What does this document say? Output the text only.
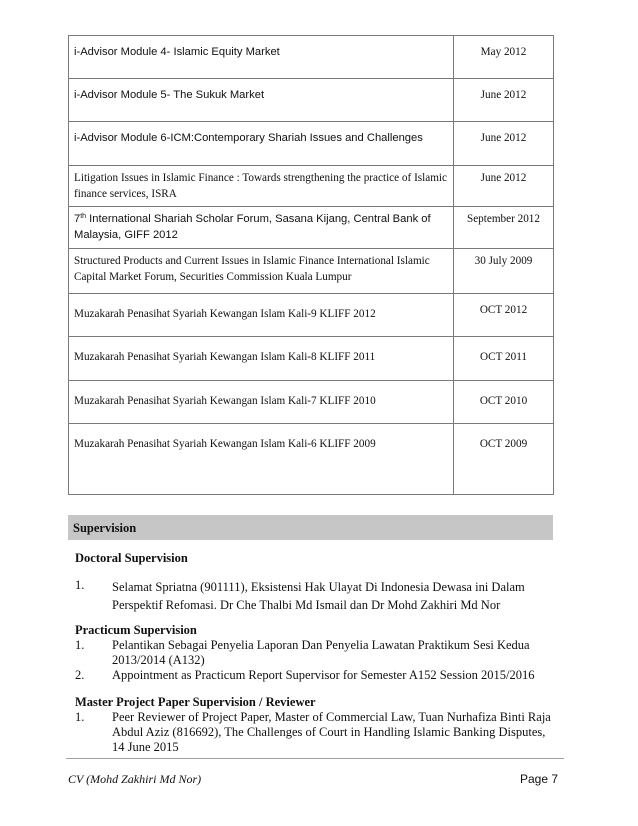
i-Advisor Module 4- Islamic Equity Market	May 2012
i-Advisor Module 5- The Sukuk Market	June 2012
i-Advisor Module 6-ICM:Contemporary Shariah Issues and Challenges	June 2012
Litigation Issues in Islamic Finance : Towards strengthening the practice of Islamic finance services, ISRA	June 2012
7th International Shariah Scholar Forum, Sasana Kijang, Central Bank of Malaysia, GIFF 2012	September 2012
Structured Products and Current Issues in Islamic Finance International Islamic Capital Market Forum, Securities Commission Kuala Lumpur	30 July 2009
Muzakarah Penasihat Syariah Kewangan Islam Kali-9 KLIFF 2012	OCT 2012
Muzakarah Penasihat Syariah Kewangan Islam Kali-8 KLIFF 2011	OCT 2011
Muzakarah Penasihat Syariah Kewangan Islam Kali-7 KLIFF 2010	OCT 2010
Muzakarah Penasihat Syariah Kewangan Islam Kali-6 KLIFF 2009	OCT 2009
Supervision
Doctoral Supervision
1.	Selamat Spriatna (901111), Eksistensi Hak Ulayat Di Indonesia Dewasa ini Dalam Perspektif Refomasi. Dr Che Thalbi Md Ismail dan Dr Mohd Zakhiri Md Nor
Practicum Supervision
1.	Pelantikan Sebagai Penyelia Laporan Dan Penyelia Lawatan Praktikum Sesi Kedua 2013/2014 (A132)
2.	Appointment as Practicum Report Supervisor for Semester A152 Session 2015/2016
Master Project Paper Supervision / Reviewer
1.	Peer Reviewer of Project Paper, Master of Commercial Law, Tuan Nurhafiza Binti Raja Abdul Aziz (816692), The Challenges of Court in Handling Islamic Banking Disputes, 14 June 2015
CV (Mohd Zakhiri Md Nor)	Page 7
